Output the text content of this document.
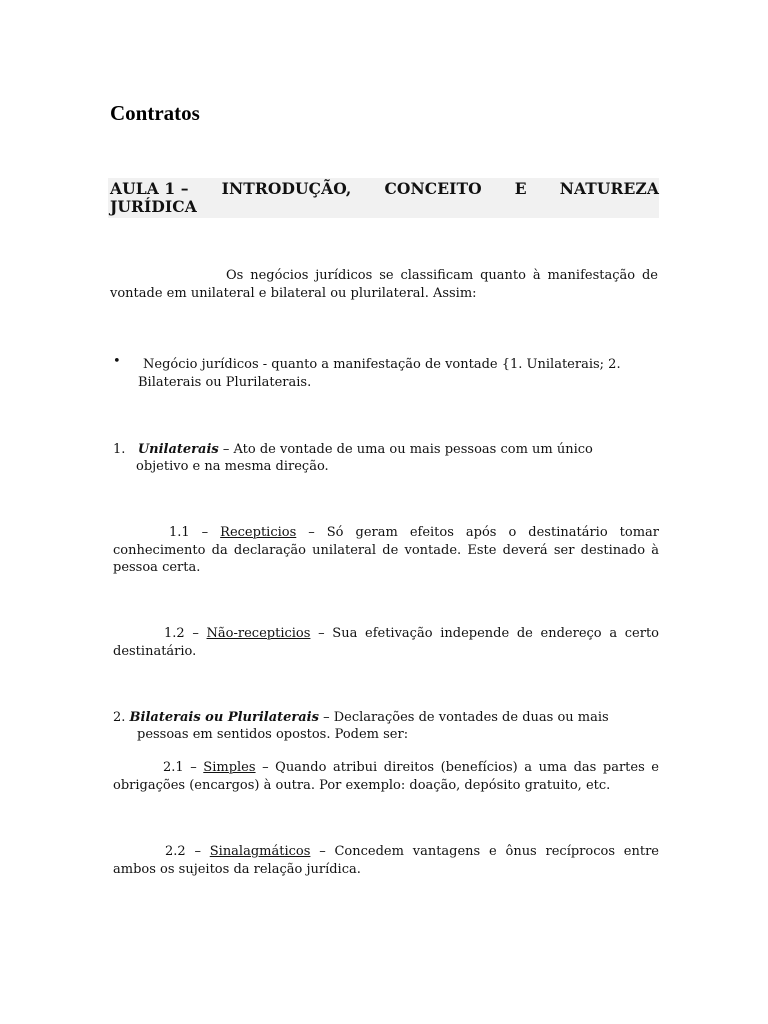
Contratos
AULA 1 – INTRODUÇÃO, CONCEITO E NATUREZA
JURÍDICA
Os negócios jurídicos se classificam quanto à manifestação de vontade em unilateral e bilateral ou plurilateral. Assim:
• Negócio jurídicos - quanto a manifestação de vontade {1. Unilaterais; 2.
Bilaterais ou Plurilaterais.
1. Unilaterais – Ato de vontade de uma ou mais pessoas com um único
objetivo e na mesma direção.
1.1 – Recepticios – Só geram efeitos após o destinatário tomar conhecimento da declaração unilateral de vontade. Este deverá ser destinado à pessoa certa.
1.2 – Não-recepticios – Sua efetivação independe de endereço a certo destinatário.
2. Bilaterais ou Plurilaterais – Declarações de vontades de duas ou mais
pessoas em sentidos opostos. Podem ser:
2.1 – Simples – Quando atribui direitos (benefícios) a uma das partes e obrigações (encargos) à outra. Por exemplo: doação, depósito gratuito, etc.
2.2 – Sinalagmáticos – Concedem vantagens e ônus recíprocos entre ambos os sujeitos da relação jurídica.
